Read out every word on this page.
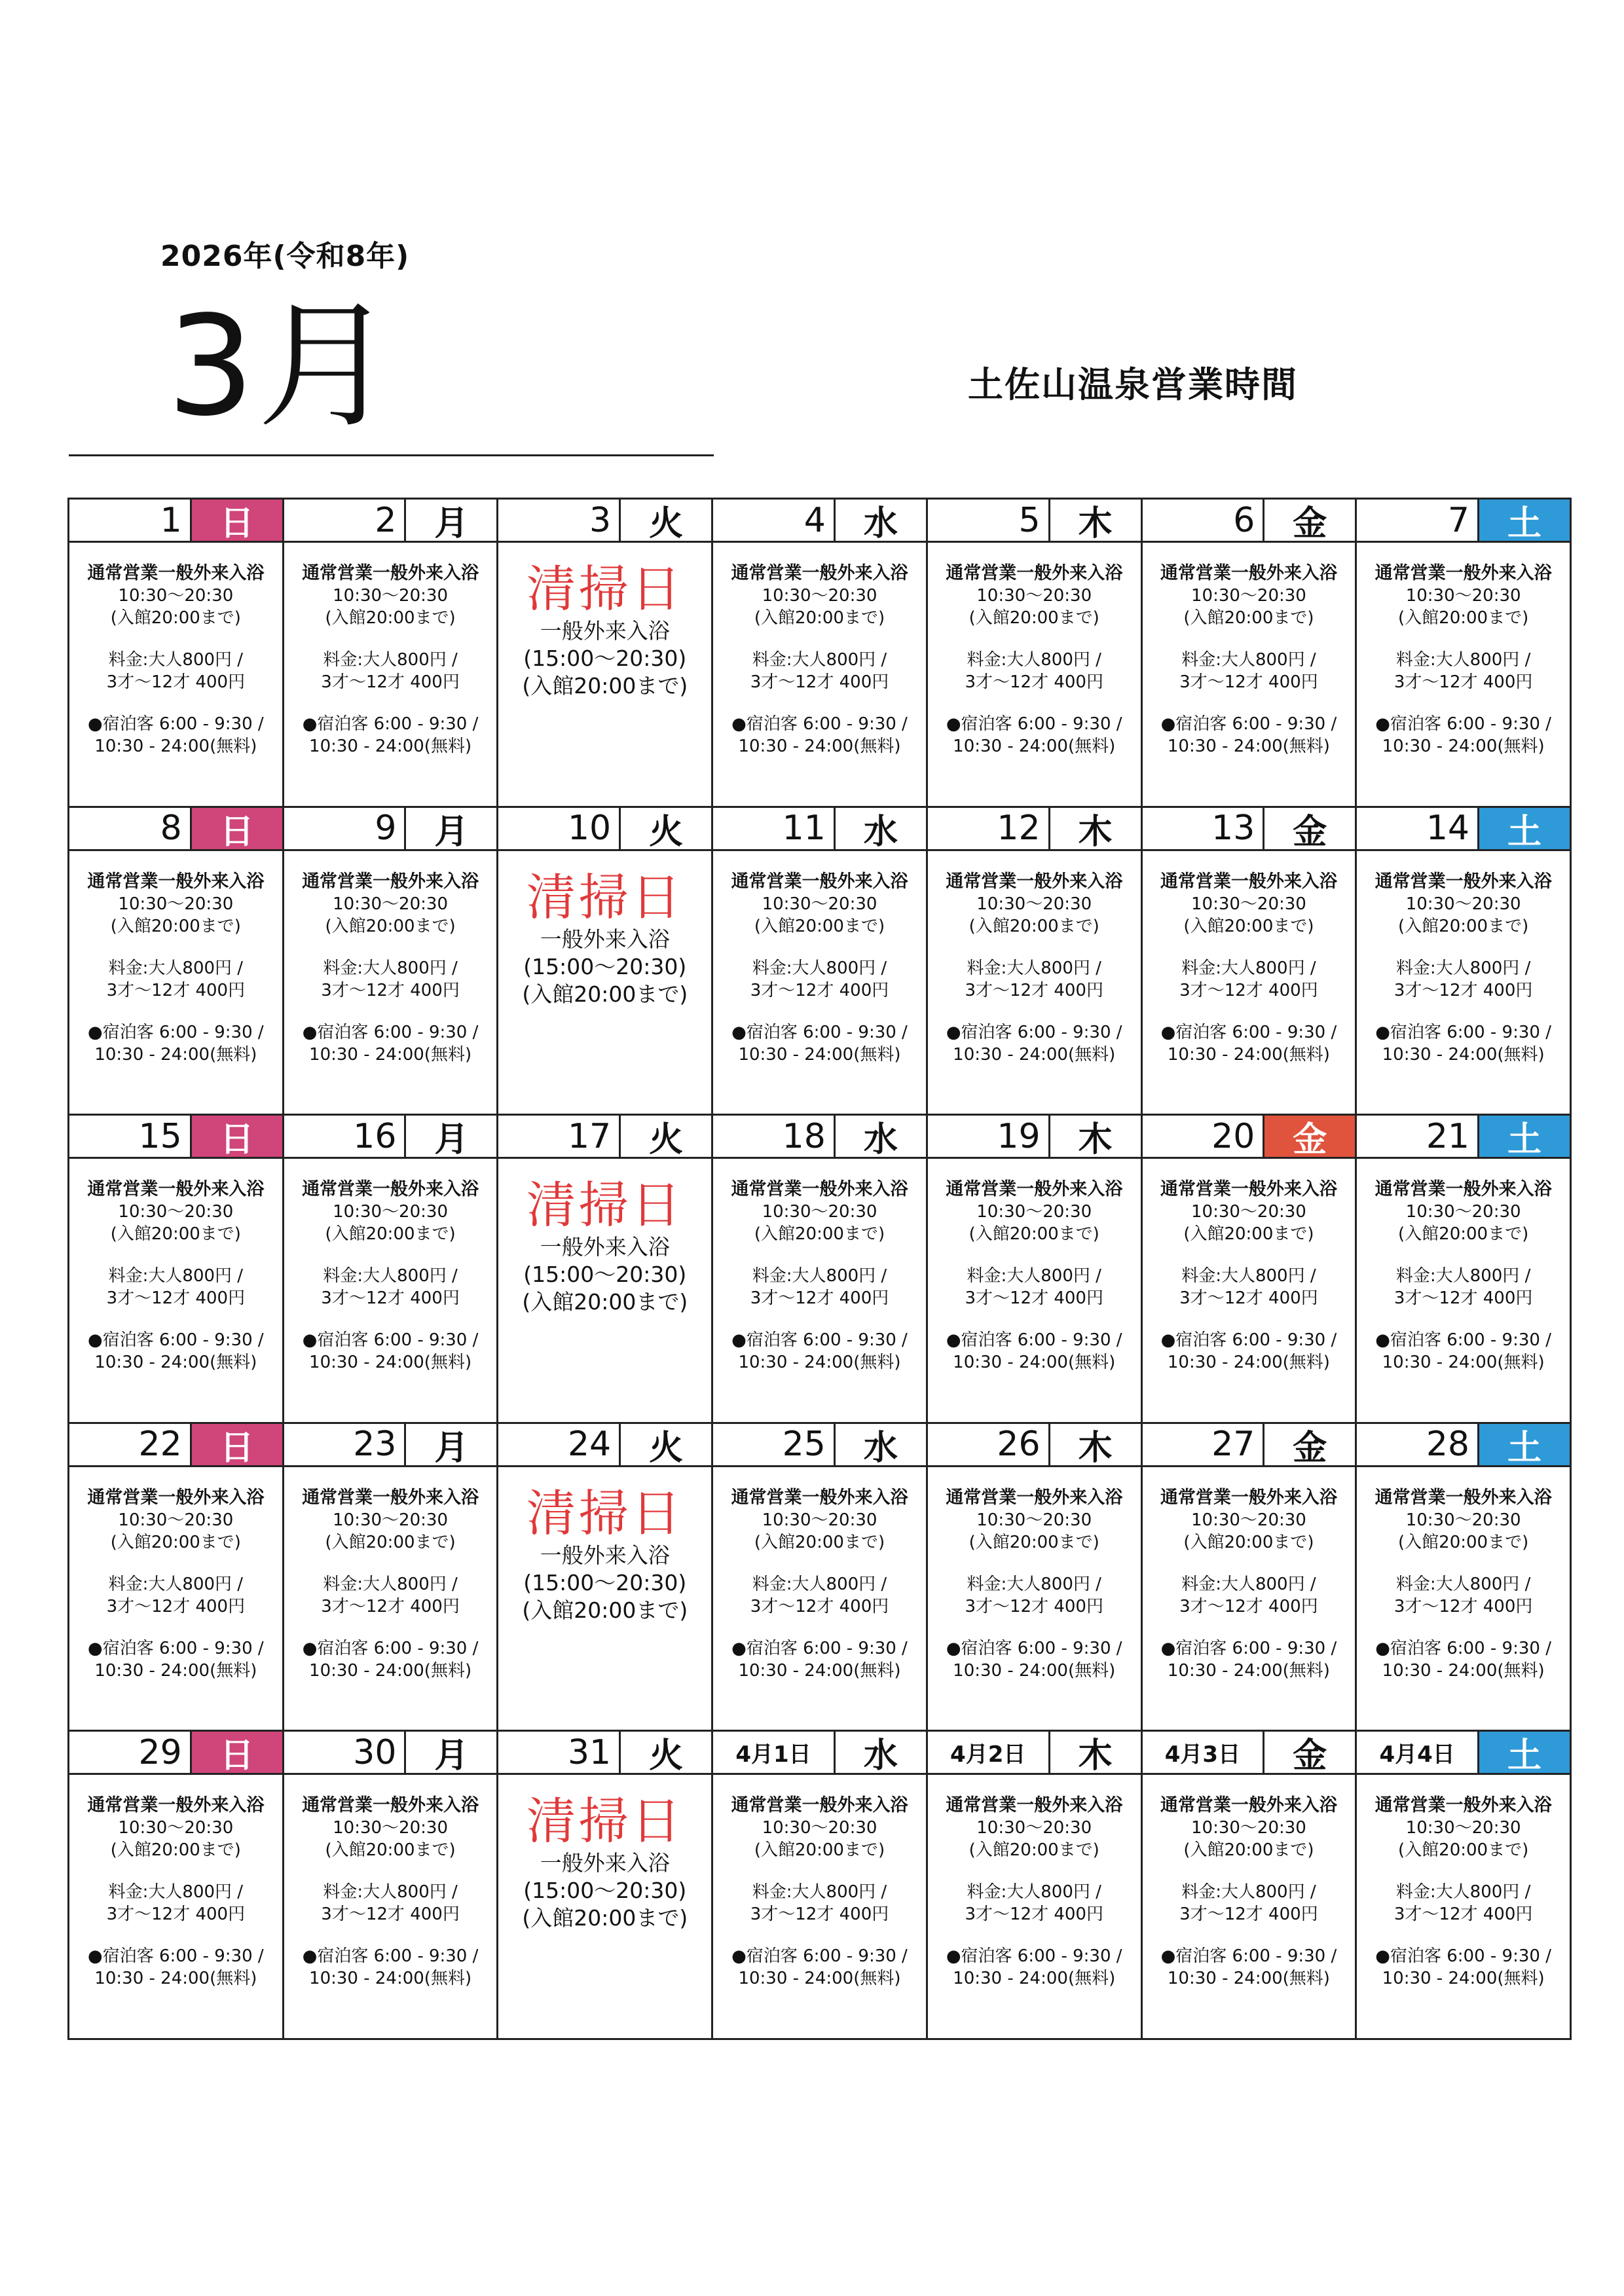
2026年(令和8年)
3月	土佐山温泉営業時間
1	日
通常営業一般外来入浴
10:30～20:30
(入館20:00まで)
料金:大人800円 /
3才～12才 400円
●宿泊客 6:00 - 9:30 /
10:30 - 24:00(無料)
2	月
通常営業一般外来入浴
10:30～20:30
(入館20:00まで)
料金:大人800円 /
3才～12才 400円
●宿泊客 6:00 - 9:30 /
10:30 - 24:00(無料)
3	火
清掃日
一般外来入浴
(15:00～20:30)
(入館20:00まで)
4	水
通常営業一般外来入浴
10:30～20:30
(入館20:00まで)
料金:大人800円 /
3才～12才 400円
●宿泊客 6:00 - 9:30 /
10:30 - 24:00(無料)
5	木
通常営業一般外来入浴
10:30～20:30
(入館20:00まで)
料金:大人800円 /
3才～12才 400円
●宿泊客 6:00 - 9:30 /
10:30 - 24:00(無料)
6	金
通常営業一般外来入浴
10:30～20:30
(入館20:00まで)
料金:大人800円 /
3才～12才 400円
●宿泊客 6:00 - 9:30 /
10:30 - 24:00(無料)
7	土
通常営業一般外来入浴
10:30～20:30
(入館20:00まで)
料金:大人800円 /
3才～12才 400円
●宿泊客 6:00 - 9:30 /
10:30 - 24:00(無料)
8	日
通常営業一般外来入浴
10:30～20:30
(入館20:00まで)
料金:大人800円 /
3才～12才 400円
●宿泊客 6:00 - 9:30 /
10:30 - 24:00(無料)
9	月
通常営業一般外来入浴
10:30～20:30
(入館20:00まで)
料金:大人800円 /
3才～12才 400円
●宿泊客 6:00 - 9:30 /
10:30 - 24:00(無料)
10	火
清掃日
一般外来入浴
(15:00～20:30)
(入館20:00まで)
11	水
通常営業一般外来入浴
10:30～20:30
(入館20:00まで)
料金:大人800円 /
3才～12才 400円
●宿泊客 6:00 - 9:30 /
10:30 - 24:00(無料)
12	木
通常営業一般外来入浴
10:30～20:30
(入館20:00まで)
料金:大人800円 /
3才～12才 400円
●宿泊客 6:00 - 9:30 /
10:30 - 24:00(無料)
13	金
通常営業一般外来入浴
10:30～20:30
(入館20:00まで)
料金:大人800円 /
3才～12才 400円
●宿泊客 6:00 - 9:30 /
10:30 - 24:00(無料)
14	土
通常営業一般外来入浴
10:30～20:30
(入館20:00まで)
料金:大人800円 /
3才～12才 400円
●宿泊客 6:00 - 9:30 /
10:30 - 24:00(無料)
15	日
通常営業一般外来入浴
10:30～20:30
(入館20:00まで)
料金:大人800円 /
3才～12才 400円
●宿泊客 6:00 - 9:30 /
10:30 - 24:00(無料)
16	月
通常営業一般外来入浴
10:30～20:30
(入館20:00まで)
料金:大人800円 /
3才～12才 400円
●宿泊客 6:00 - 9:30 /
10:30 - 24:00(無料)
17	火
清掃日
一般外来入浴
(15:00～20:30)
(入館20:00まで)
18	水
通常営業一般外来入浴
10:30～20:30
(入館20:00まで)
料金:大人800円 /
3才～12才 400円
●宿泊客 6:00 - 9:30 /
10:30 - 24:00(無料)
19	木
通常営業一般外来入浴
10:30～20:30
(入館20:00まで)
料金:大人800円 /
3才～12才 400円
●宿泊客 6:00 - 9:30 /
10:30 - 24:00(無料)
20	金
通常営業一般外来入浴
10:30～20:30
(入館20:00まで)
料金:大人800円 /
3才～12才 400円
●宿泊客 6:00 - 9:30 /
10:30 - 24:00(無料)
21	土
通常営業一般外来入浴
10:30～20:30
(入館20:00まで)
料金:大人800円 /
3才～12才 400円
●宿泊客 6:00 - 9:30 /
10:30 - 24:00(無料)
22	日
通常営業一般外来入浴
10:30～20:30
(入館20:00まで)
料金:大人800円 /
3才～12才 400円
●宿泊客 6:00 - 9:30 /
10:30 - 24:00(無料)
23	月
通常営業一般外来入浴
10:30～20:30
(入館20:00まで)
料金:大人800円 /
3才～12才 400円
●宿泊客 6:00 - 9:30 /
10:30 - 24:00(無料)
24	火
清掃日
一般外来入浴
(15:00～20:30)
(入館20:00まで)
25	水
通常営業一般外来入浴
10:30～20:30
(入館20:00まで)
料金:大人800円 /
3才～12才 400円
●宿泊客 6:00 - 9:30 /
10:30 - 24:00(無料)
26	木
通常営業一般外来入浴
10:30～20:30
(入館20:00まで)
料金:大人800円 /
3才～12才 400円
●宿泊客 6:00 - 9:30 /
10:30 - 24:00(無料)
27	金
通常営業一般外来入浴
10:30～20:30
(入館20:00まで)
料金:大人800円 /
3才～12才 400円
●宿泊客 6:00 - 9:30 /
10:30 - 24:00(無料)
28	土
通常営業一般外来入浴
10:30～20:30
(入館20:00まで)
料金:大人800円 /
3才～12才 400円
●宿泊客 6:00 - 9:30 /
10:30 - 24:00(無料)
29	日
通常営業一般外来入浴
10:30～20:30
(入館20:00まで)
料金:大人800円 /
3才～12才 400円
●宿泊客 6:00 - 9:30 /
10:30 - 24:00(無料)
30	月
通常営業一般外来入浴
10:30～20:30
(入館20:00まで)
料金:大人800円 /
3才～12才 400円
●宿泊客 6:00 - 9:30 /
10:30 - 24:00(無料)
31	火
清掃日
一般外来入浴
(15:00～20:30)
(入館20:00まで)
4月1日	水
通常営業一般外来入浴
10:30～20:30
(入館20:00まで)
料金:大人800円 /
3才～12才 400円
●宿泊客 6:00 - 9:30 /
10:30 - 24:00(無料)
4月2日	木
通常営業一般外来入浴
10:30～20:30
(入館20:00まで)
料金:大人800円 /
3才～12才 400円
●宿泊客 6:00 - 9:30 /
10:30 - 24:00(無料)
4月3日	金
通常営業一般外来入浴
10:30～20:30
(入館20:00まで)
料金:大人800円 /
3才～12才 400円
●宿泊客 6:00 - 9:30 /
10:30 - 24:00(無料)
4月4日	土
通常営業一般外来入浴
10:30～20:30
(入館20:00まで)
料金:大人800円 /
3才～12才 400円
●宿泊客 6:00 - 9:30 /
10:30 - 24:00(無料)
